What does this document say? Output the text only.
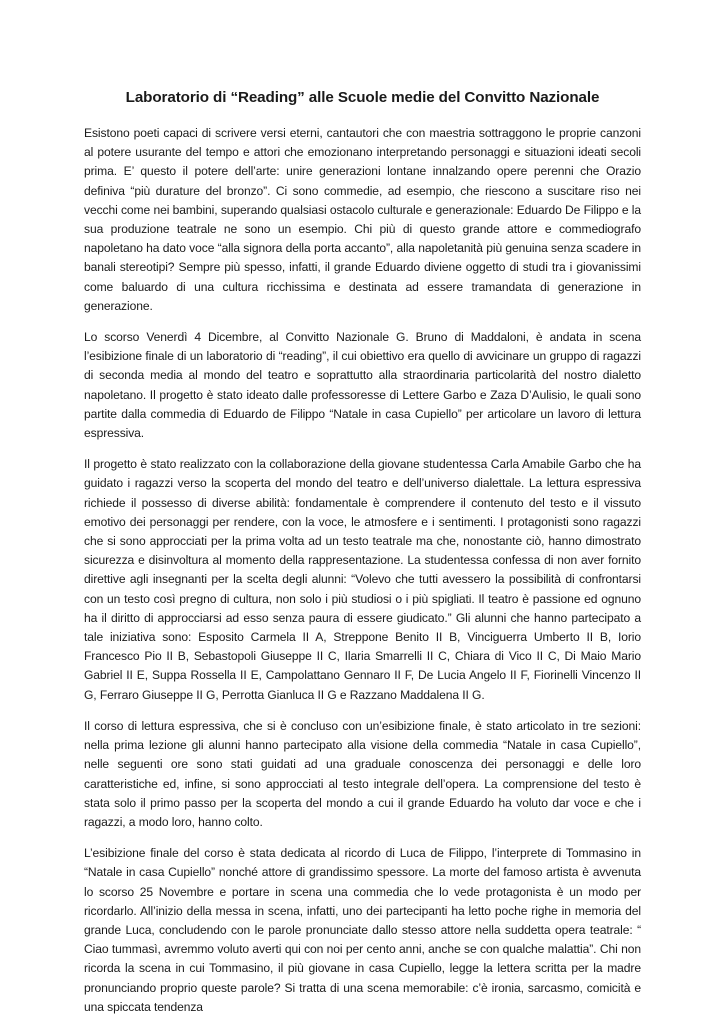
Laboratorio di “Reading” alle Scuole medie del Convitto Nazionale

Esistono poeti capaci di scrivere versi eterni, cantautori che con maestria sottraggono le proprie canzoni al potere usurante del tempo e attori che emozionano interpretando personaggi e situazioni ideati secoli prima. E’ questo il potere dell’arte: unire generazioni lontane innalzando opere perenni che Orazio definiva “più durature del bronzo”. Ci sono commedie, ad esempio, che riescono a suscitare riso nei vecchi come nei bambini, superando qualsiasi ostacolo culturale e generazionale: Eduardo De Filippo e la sua produzione teatrale ne sono un esempio. Chi più di questo grande attore e commediografo napoletano ha dato voce “alla signora della porta accanto”, alla napoletanità più genuina senza scadere in banali stereotipi? Sempre più spesso, infatti, il grande Eduardo diviene oggetto di studi tra i giovanissimi come baluardo di una cultura ricchissima e destinata ad essere tramandata di generazione in generazione.

Lo scorso Venerdì 4 Dicembre, al Convitto Nazionale G. Bruno di Maddaloni, è andata in scena l’esibizione finale di un laboratorio di “reading”, il cui obiettivo era quello di avvicinare un gruppo di ragazzi di seconda media al mondo del teatro e soprattutto alla straordinaria particolarità del nostro dialetto napoletano. Il progetto è stato ideato dalle professoresse di Lettere Garbo e Zaza D’Aulisio, le quali sono partite dalla commedia di Eduardo de Filippo “Natale in casa Cupiello” per articolare un lavoro di lettura espressiva.

Il progetto è stato realizzato con la collaborazione della giovane studentessa Carla Amabile Garbo che ha guidato i ragazzi verso la scoperta del mondo del teatro e dell’universo dialettale. La lettura espressiva richiede il possesso di diverse abilità: fondamentale è comprendere il contenuto del testo e il vissuto emotivo dei personaggi per rendere, con la voce, le atmosfere e i sentimenti. I protagonisti sono ragazzi che si sono approcciati per la prima volta ad un testo teatrale ma che, nonostante ciò, hanno dimostrato sicurezza e disinvoltura al momento della rappresentazione. La studentessa confessa di non aver fornito direttive agli insegnanti per la scelta degli alunni: “Volevo che tutti avessero la possibilità di confrontarsi con un testo così pregno di cultura, non solo i più studiosi o i più spigliati. Il teatro è passione ed ognuno ha il diritto di approcciarsi ad esso senza paura di essere giudicato.” Gli alunni che hanno partecipato a tale iniziativa sono: Esposito Carmela II A, Streppone Benito II B, Vinciguerra Umberto II B, Iorio Francesco Pio II B, Sebastopoli Giuseppe II C, Ilaria Smarrelli II C, Chiara di Vico II C, Di Maio Mario Gabriel II E, Suppa Rossella II E, Campolattano Gennaro II F, De Lucia Angelo II F, Fiorinelli Vincenzo II G, Ferraro Giuseppe II G, Perrotta Gianluca II G e Razzano Maddalena II G.

Il corso di lettura espressiva, che si è concluso con un’esibizione finale, è stato articolato in tre sezioni: nella prima lezione gli alunni hanno partecipato alla visione della commedia “Natale in casa Cupiello”, nelle seguenti ore sono stati guidati ad una graduale conoscenza dei personaggi e delle loro caratteristiche ed, infine, si sono approcciati al testo integrale dell’opera. La comprensione del testo è stata solo il primo passo per la scoperta del mondo a cui il grande Eduardo ha voluto dar voce e che i ragazzi, a modo loro, hanno colto.

L’esibizione finale del corso è stata dedicata al ricordo di Luca de Filippo, l’interprete di Tommasino in “Natale in casa Cupiello” nonché attore di grandissimo spessore. La morte del famoso artista è avvenuta lo scorso 25 Novembre e portare in scena una commedia che lo vede protagonista è un modo per ricordarlo. All’inizio della messa in scena, infatti, uno dei partecipanti ha letto poche righe in memoria del grande Luca, concludendo con le parole pronunciate dallo stesso attore nella suddetta opera teatrale: “ Ciao tummasì, avremmo voluto averti qui con noi per cento anni, anche se con qualche malattia”. Chi non ricorda la scena in cui Tommasino, il più giovane in casa Cupiello, legge la lettera scritta per la madre pronunciando proprio queste parole? Si tratta di una scena memorabile: c’è ironia, sarcasmo, comicità e una spiccata tendenza
